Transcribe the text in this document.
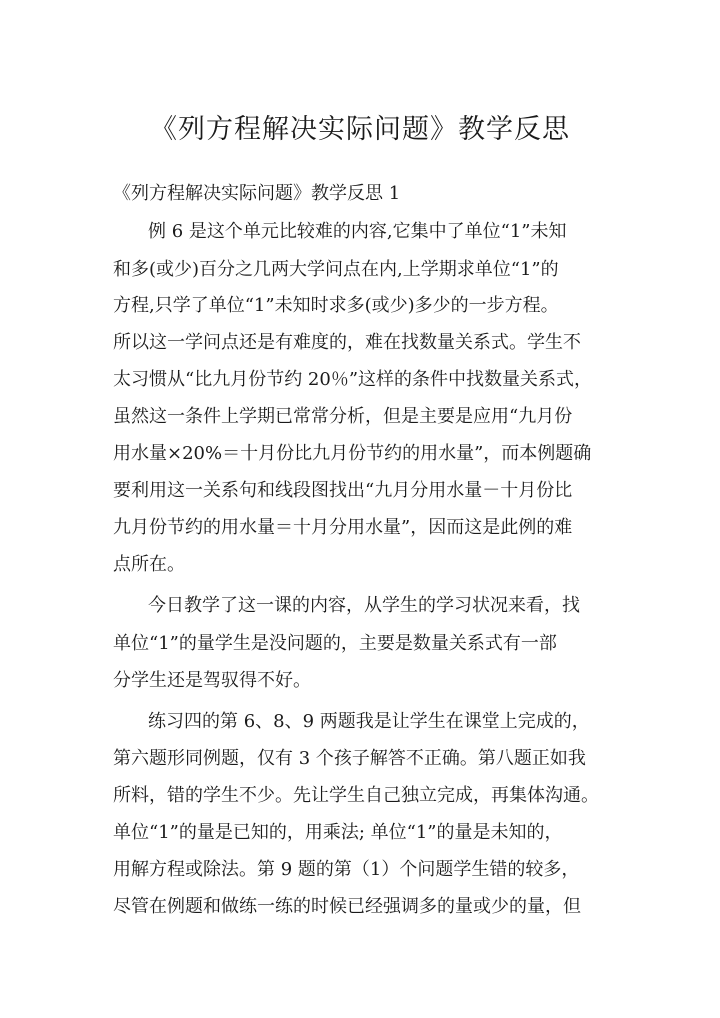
《列方程解决实际问题》教学反思
《列方程解决实际问题》教学反思 1
例 6 是这个单元比较难的内容,它集中了单位“1”未知
和多(或少)百分之几两大学问点在内,上学期求单位“1”的
方程,只学了单位“1”未知时求多(或少)多少的一步方程。
所以这一学问点还是有难度的，难在找数量关系式。学生不
太习惯从“比九月份节约 20％”这样的条件中找数量关系式，
虽然这一条件上学期已常常分析，但是主要是应用“九月份
用水量×20%＝十月份比九月份节约的用水量”，而本例题确
要利用这一关系句和线段图找出“九月分用水量－十月份比
九月份节约的用水量＝十月分用水量”，因而这是此例的难
点所在。
今日教学了这一课的内容，从学生的学习状况来看，找
单位“1”的量学生是没问题的，主要是数量关系式有一部
分学生还是驾驭得不好。
练习四的第 6、8、9 两题我是让学生在课堂上完成的，
第六题形同例题，仅有 3 个孩子解答不正确。第八题正如我
所料，错的学生不少。先让学生自己独立完成，再集体沟通。
单位“1”的量是已知的，用乘法; 单位“1”的量是未知的，
用解方程或除法。第 9 题的第（1）个问题学生错的较多，
尽管在例题和做练一练的时候已经强调多的量或少的量，但
